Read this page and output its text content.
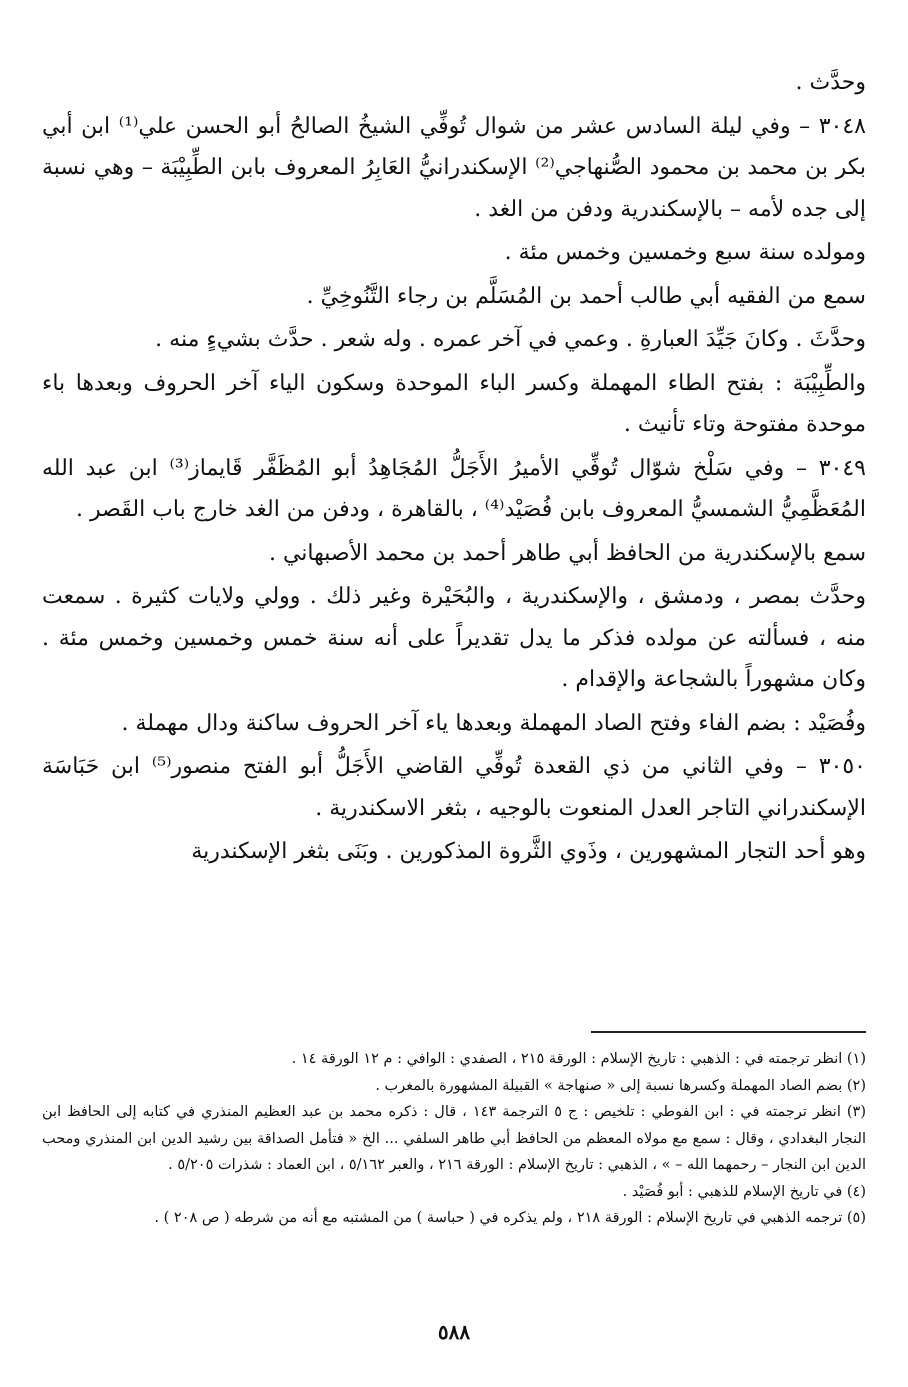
وحدَّث .

٣٠٤٨ – وفي ليلة السادس عشر من شوال تُوفِّي الشيخُ الصالحُ أبو الحسن علي⁽¹⁾ ابن أبي بكر بن محمد بن محمود الصُّنهاجي⁽²⁾ الإسكندرانيُّ العَابِرُ المعروف بابن الطِّبِيْبَة – وهي نسبة إلى جده لأمه – بالإسكندرية ودفن من الغد .

ومولده سنة سبع وخمسين وخمس مئة .

سمع من الفقيه أبي طالب أحمد بن المُسَلَّم بن رجاء التَّنُوخِيِّ .

وحدَّثَ . وكانَ جَيِّدَ العبارةِ . وعمي في آخر عمره . وله شعر . حدَّث بشيءٍ منه .

والطِّبِيْبَة : بفتح الطاء المهملة وكسر الباء الموحدة وسكون الياء آخر الحروف وبعدها باء موحدة مفتوحة وتاء تأنيث .

٣٠٤٩ – وفي سَلْخ شوّال تُوفِّي الأميرُ الأَجَلُّ المُجَاهِدُ أبو المُظَفَّر قَايماز⁽³⁾ ابن عبد الله المُعَظَّمِيُّ الشمسيُّ المعروف بابن فُصَيْد⁽⁴⁾ ، بالقاهرة ، ودفن من الغد خارج باب القَصر .

سمع بالإسكندرية من الحافظ أبي طاهر أحمد بن محمد الأصبهاني .

وحدَّث بمصر ، ودمشق ، والإسكندرية ، والبُحَيْرة وغير ذلك . وولي ولايات كثيرة . سمعت منه ، فسألته عن مولده فذكر ما يدل تقديراً على أنه سنة خمس وخمسين وخمس مئة . وكان مشهوراً بالشجاعة والإقدام .

وفُصَيْد : بضم الفاء وفتح الصاد المهملة وبعدها ياء آخر الحروف ساكنة ودال مهملة .

٣٠٥٠ – وفي الثاني من ذي القعدة تُوفِّي القاضي الأَجَلُّ أبو الفتح منصور⁽⁵⁾ ابن حَبَاسَة الإسكندراني التاجر العدل المنعوت بالوجيه ، بثغر الاسكندرية .

وهو أحد التجار المشهورين ، وذَوي الثَّروة المذكورين . وبَنَى بثغر الإسكندرية

(١) انظر ترجمته في : الذهبي : تاريخ الإسلام : الورقة ٢١٥ ، الصفدي : الوافي : م ١٢ الورقة ١٤ .

(٢) بضم الصاد المهملة وكسرها نسبة إلى « صنهاجة » القبيلة المشهورة بالمغرب .

(٣) انظر ترجمته في : ابن الفوطي : تلخيص : ج ٥ الترجمة ١٤٣ ، قال : ذكره محمد بن عبد العظيم المنذري في كتابه إلى الحافظ ابن النجار البغدادي ، وقال : سمع مع مولاه المعظم من الحافظ أبي طاهر السلفي ... الخ « فتأمل الصداقة بين رشيد الدين ابن المنذري ومحب الدين ابن النجار – رحمهما الله – » ، الذهبي : تاريخ الإسلام : الورقة ٢١٦ ، والعبر ٥/١٦٢ ، ابن العماد : شذرات ٥/٢٠٥ .

(٤) في تاريخ الإسلام للذهبي : أبو فُصَيْد .

(٥) ترجمه الذهبي في تاريخ الإسلام : الورقة ٢١٨ ، ولم يذكره في ( حباسة ) من المشتبه مع أنه من شرطه ( ص ٢٠٨ ) .

٥٨٨
